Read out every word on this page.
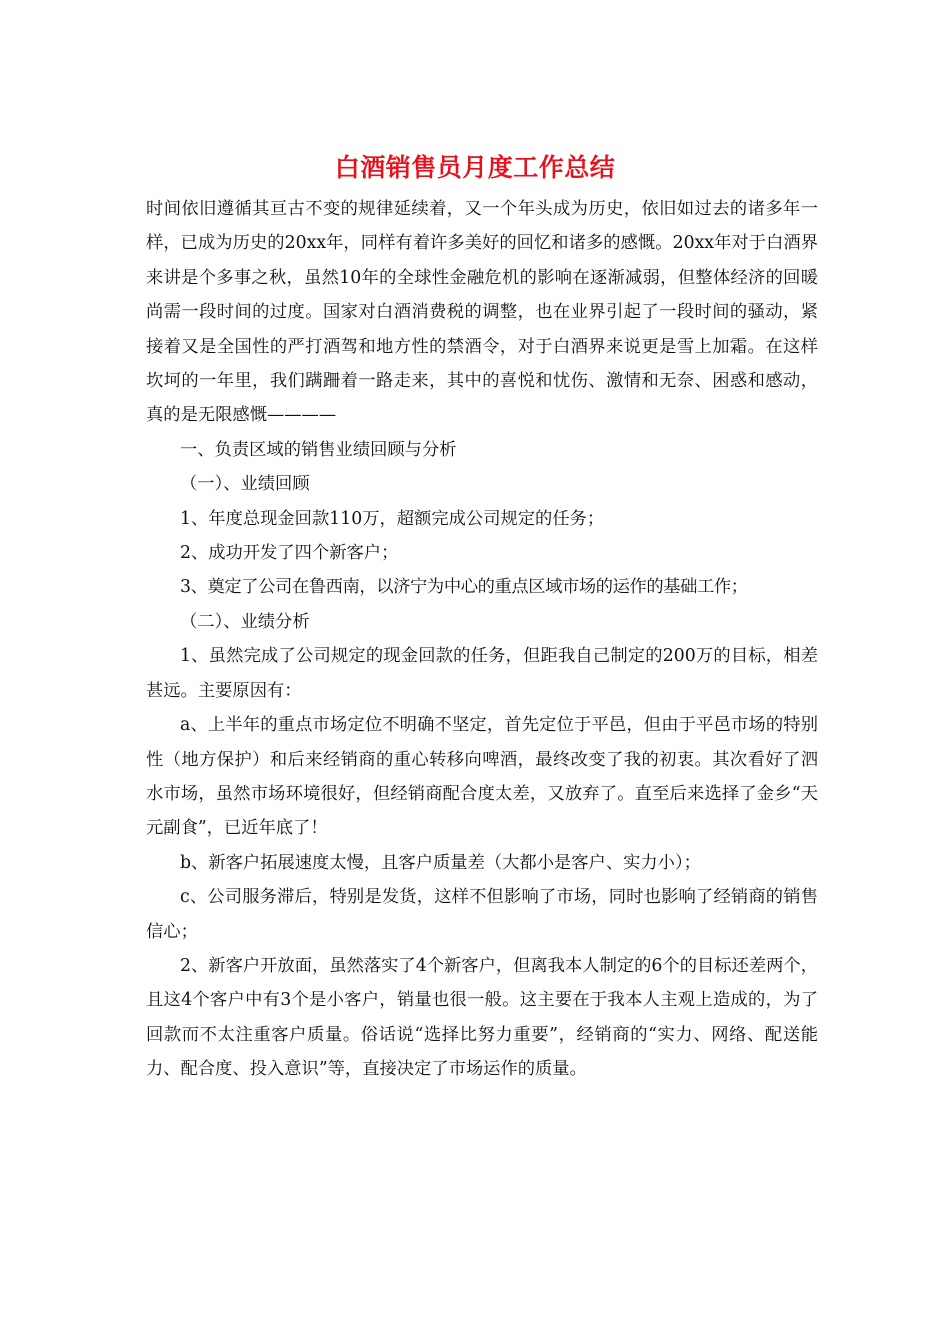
白酒销售员月度工作总结

时间依旧遵循其亘古不变的规律延续着，又一个年头成为历史，依旧如过去的诸多年一样，已成为历史的20xx年，同样有着许多美好的回忆和诸多的感慨。20xx年对于白酒界来讲是个多事之秋，虽然10年的全球性金融危机的影响在逐渐减弱，但整体经济的回暖尚需一段时间的过度。国家对白酒消费税的调整，也在业界引起了一段时间的骚动，紧接着又是全国性的严打酒驾和地方性的禁酒令，对于白酒界来说更是雪上加霜。在这样坎坷的一年里，我们蹒跚着一路走来，其中的喜悦和忧伤、激情和无奈、困惑和感动，真的是无限感慨————

一、负责区域的销售业绩回顾与分析

（一）、业绩回顾

1、年度总现金回款110万，超额完成公司规定的任务；

2、成功开发了四个新客户；

3、奠定了公司在鲁西南，以济宁为中心的重点区域市场的运作的基础工作；

（二）、业绩分析

1、虽然完成了公司规定的现金回款的任务，但距我自己制定的200万的目标，相差甚远。主要原因有：

a、上半年的重点市场定位不明确不坚定，首先定位于平邑，但由于平邑市场的特别性（地方保护）和后来经销商的重心转移向啤酒，最终改变了我的初衷。其次看好了泗水市场，虽然市场环境很好，但经销商配合度太差，又放弃了。直至后来选择了金乡“天元副食”，已近年底了！

b、新客户拓展速度太慢，且客户质量差（大都小是客户、实力小）；

c、公司服务滞后，特别是发货，这样不但影响了市场，同时也影响了经销商的销售信心；

2、新客户开放面，虽然落实了4个新客户，但离我本人制定的6个的目标还差两个，且这4个客户中有3个是小客户，销量也很一般。这主要在于我本人主观上造成的，为了回款而不太注重客户质量。俗话说“选择比努力重要”，经销商的“实力、网络、配送能力、配合度、投入意识”等，直接决定了市场运作的质量。
